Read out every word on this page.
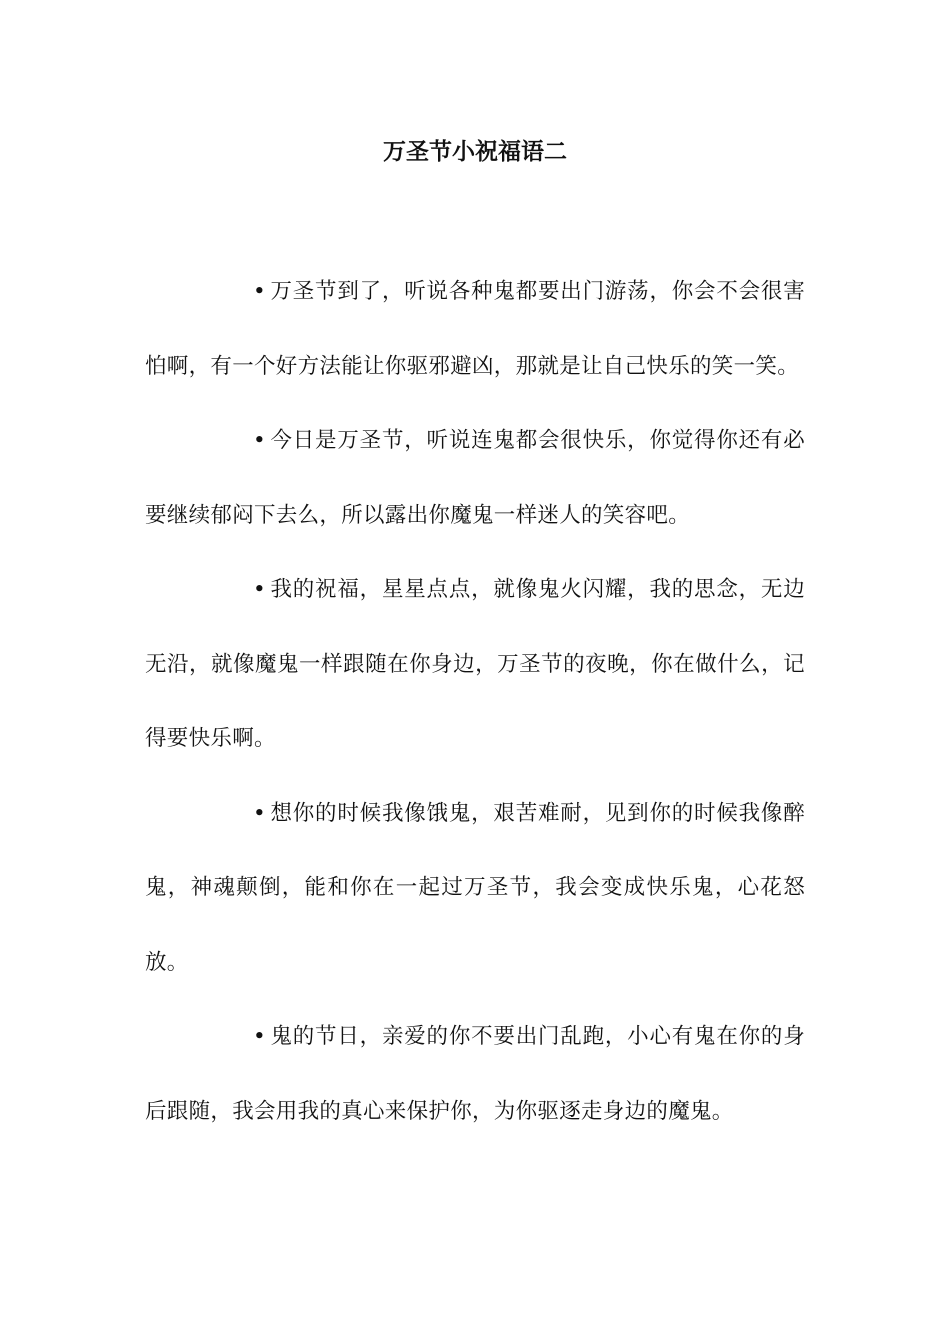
万圣节小祝福语二

• 万圣节到了，听说各种鬼都要出门游荡，你会不会很害怕啊，有一个好方法能让你驱邪避凶，那就是让自己快乐的笑一笑。

• 今日是万圣节，听说连鬼都会很快乐，你觉得你还有必要继续郁闷下去么，所以露出你魔鬼一样迷人的笑容吧。

• 我的祝福，星星点点，就像鬼火闪耀，我的思念，无边无沿，就像魔鬼一样跟随在你身边，万圣节的夜晚，你在做什么，记得要快乐啊。

• 想你的时候我像饿鬼，艰苦难耐，见到你的时候我像醉鬼，神魂颠倒，能和你在一起过万圣节，我会变成快乐鬼，心花怒放。

• 鬼的节日，亲爱的你不要出门乱跑，小心有鬼在你的身后跟随，我会用我的真心来保护你，为你驱逐走身边的魔鬼。
